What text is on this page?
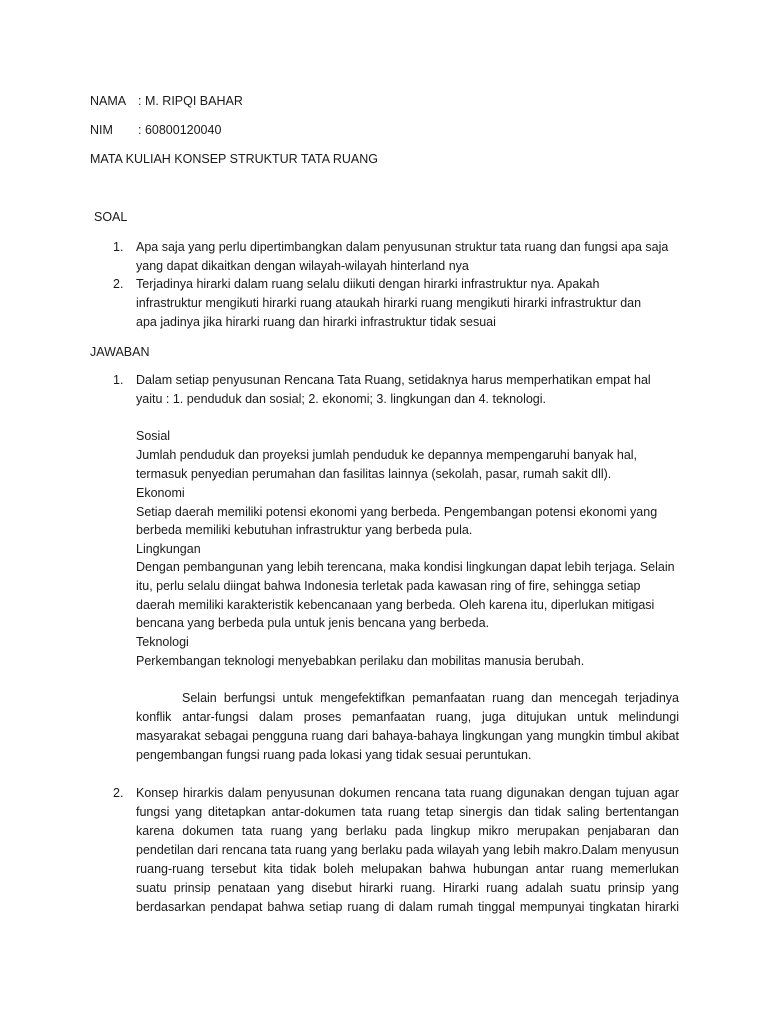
NAMA : M. RIPQI BAHAR
NIM : 60800120040
MATA KULIAH KONSEP STRUKTUR TATA RUANG
SOAL
1. Apa saja yang perlu dipertimbangkan dalam penyusunan struktur tata ruang dan fungsi apa saja
yang dapat dikaitkan dengan wilayah-wilayah hinterland nya
2. Terjadinya hirarki dalam ruang selalu diikuti dengan hirarki infrastruktur nya. Apakah
infrastruktur mengikuti hirarki ruang ataukah hirarki ruang mengikuti hirarki infrastruktur dan
apa jadinya jika hirarki ruang dan hirarki infrastruktur tidak sesuai
JAWABAN
1. Dalam setiap penyusunan Rencana Tata Ruang, setidaknya harus memperhatikan empat hal
yaitu : 1. penduduk dan sosial; 2. ekonomi; 3. lingkungan dan 4. teknologi.
Sosial
Jumlah penduduk dan proyeksi jumlah penduduk ke depannya mempengaruhi banyak hal,
termasuk penyedian perumahan dan fasilitas lainnya (sekolah, pasar, rumah sakit dll).
Ekonomi
Setiap daerah memiliki potensi ekonomi yang berbeda. Pengembangan potensi ekonomi yang
berbeda memiliki kebutuhan infrastruktur yang berbeda pula.
Lingkungan
Dengan pembangunan yang lebih terencana, maka kondisi lingkungan dapat lebih terjaga. Selain
itu, perlu selalu diingat bahwa Indonesia terletak pada kawasan ring of fire, sehingga setiap
daerah memiliki karakteristik kebencanaan yang berbeda. Oleh karena itu, diperlukan mitigasi
bencana yang berbeda pula untuk jenis bencana yang berbeda.
Teknologi
Perkembangan teknologi menyebabkan perilaku dan mobilitas manusia berubah.
Selain berfungsi untuk mengefektifkan pemanfaatan ruang dan mencegah terjadinya
konflik antar-fungsi dalam proses pemanfaatan ruang, juga ditujukan untuk melindungi
masyarakat sebagai pengguna ruang dari bahaya-bahaya lingkungan yang mungkin timbul akibat
pengembangan fungsi ruang pada lokasi yang tidak sesuai peruntukan.
2. Konsep hirarkis dalam penyusunan dokumen rencana tata ruang digunakan dengan tujuan agar
fungsi yang ditetapkan antar-dokumen tata ruang tetap sinergis dan tidak saling bertentangan
karena dokumen tata ruang yang berlaku pada lingkup mikro merupakan penjabaran dan
pendetilan dari rencana tata ruang yang berlaku pada wilayah yang lebih makro.Dalam menyusun
ruang-ruang tersebut kita tidak boleh melupakan bahwa hubungan antar ruang memerlukan
suatu prinsip penataan yang disebut hirarki ruang. Hirarki ruang adalah suatu prinsip yang
berdasarkan pendapat bahwa setiap ruang di dalam rumah tinggal mempunyai tingkatan hirarki
